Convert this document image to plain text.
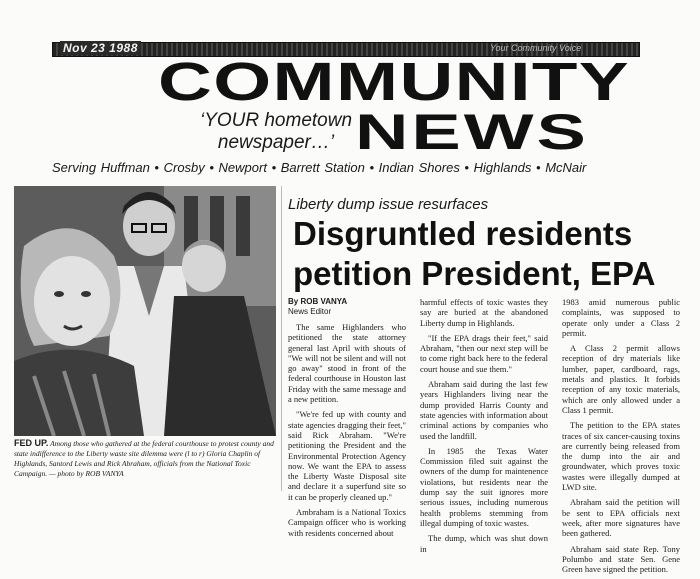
Nov 23 1988	Your Community Voice
COMMUNITY
‘YOUR hometown newspaper…’ NEWS
Serving Huffman • Crosby • Newport • Barrett Station • Indian Shores • Highlands • McNair
FED UP. Among those who gathered at the federal courthouse to protest county and state indifference to the Liberty waste site dilemma were (l to r) Gloria Chaplin of Highlands, Santord Lewis and Rick Abraham, officials from the National Toxic Campaign. — photo by ROB VANYA
Liberty dump issue resurfaces
Disgruntled residents petition President, EPA
By ROB VANYA
News Editor

The same Highlanders who petitioned the state attorney general last April with shouts of "We will not be silent and will not go away" stood in front of the federal courthouse in Houston last Friday with the same message and a new petition.

"We're fed up with county and state agencies dragging their feet," said Rick Abraham. "We're petitioning the President and the Environmental Protection Agency now. We want the EPA to assess the Liberty Waste Disposal site and declare it a superfund site so it can be properly cleaned up."

Ambraham is a National Toxics Campaign officer who is working with residents concerned about

harmful effects of toxic wastes they say are buried at the abandoned Liberty dump in Highlands.

"If the EPA drags their feet," said Abraham, "then our next step will be to come right back here to the federal court house and sue them."

Abraham said during the last few years Highlanders living near the dump provided Harris County and state agencies with information about criminal actions by companies who used the landfill.

In 1985 the Texas Water Commission filed suit against the owners of the dump for maintenence violations, but residents near the dump say the suit ignores more serious issues, including numerous health problems stemming from illegal dumping of toxic wastes.

The dump, which was shut down in

1983 amid numerous public complaints, was supposed to operate only under a Class 2 permit.

A Class 2 permit allows reception of dry materials like lumber, paper, cardboard, rags, metals and plastics. It forbids reception of any toxic materials, which are only allowed under a Class 1 permit.

The petition to the EPA states traces of six cancer-causing toxins are currently being released from the dump into the air and groundwater, which proves toxic wastes were illegally dumped at LWD site.

Abraham said the petition will be sent to EPA officials next week, after more signatures have been gathered.

Abraham said state Rep. Tony Polumbo and state Sen. Gene Green have signed the petition.
